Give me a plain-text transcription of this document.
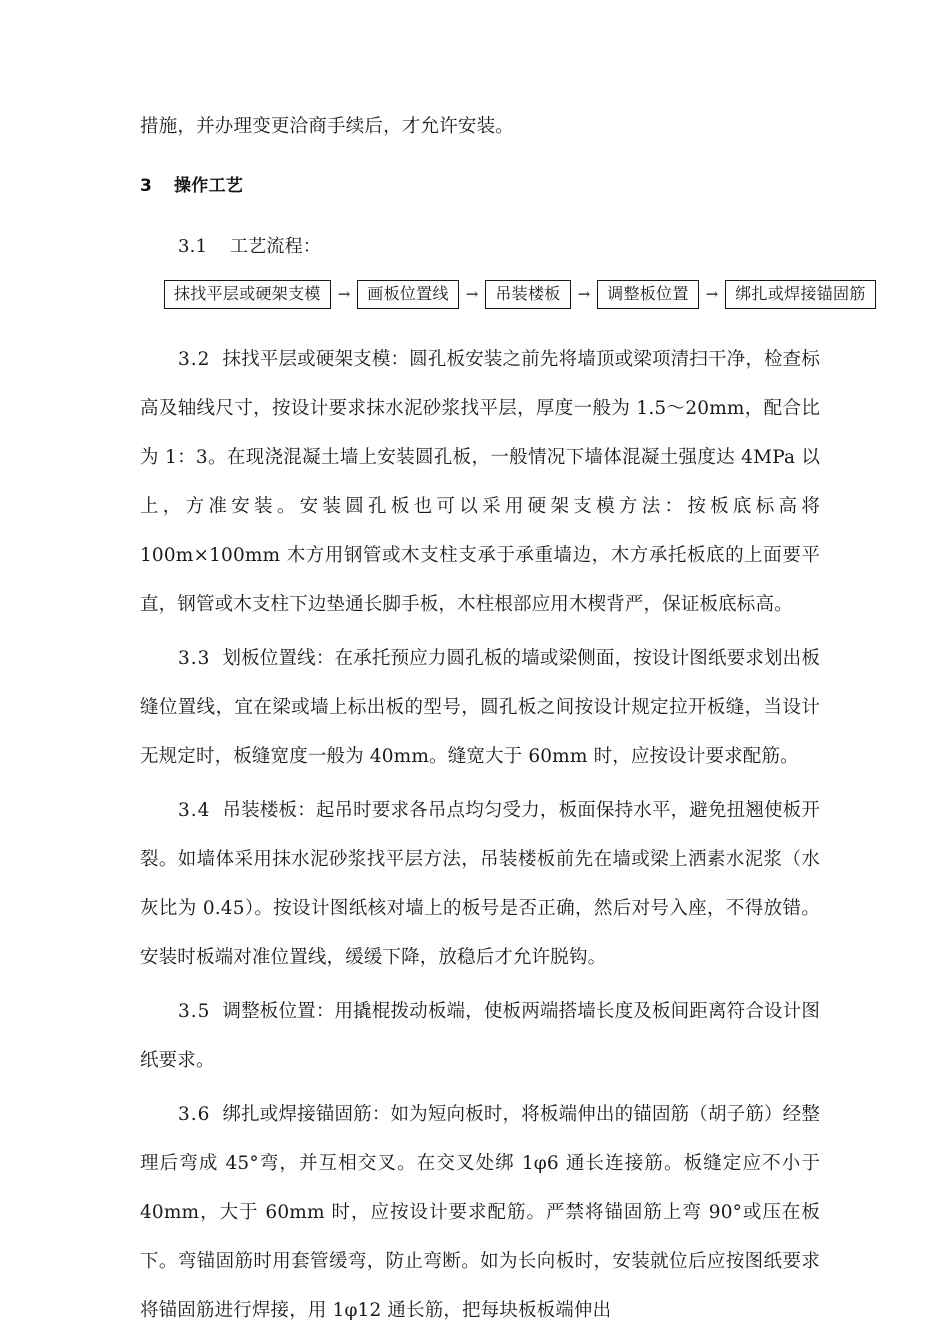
措施，并办理变更洽商手续后，才允许安装。

3 操作工艺
3.1 工艺流程：
抹找平层或硬架支模	→	画板位置线	→	吊装楼板	→	调整板位置	→	绑扎或焊接锚固筋

3.2 抹找平层或硬架支模：圆孔板安装之前先将墙顶或梁项清扫干净，检查标高及轴线尺寸，按设计要求抹水泥砂浆找平层，厚度一般为 1.5～20mm，配合比为 1：3。在现浇混凝土墙上安装圆孔板，一般情况下墙体混凝土强度达 4MPa 以上，方准安装。安装圆孔板也可以采用硬架支模方法：按板底标高将 100m×100mm 木方用钢管或木支柱支承于承重墙边，木方承托板底的上面要平直，钢管或木支柱下边垫通长脚手板，木柱根部应用木楔背严，保证板底标高。

3.3 划板位置线：在承托预应力圆孔板的墙或梁侧面，按设计图纸要求划出板缝位置线，宜在梁或墙上标出板的型号，圆孔板之间按设计规定拉开板缝，当设计无规定时，板缝宽度一般为 40mm。缝宽大于 60mm 时，应按设计要求配筋。

3.4 吊装楼板：起吊时要求各吊点均匀受力，板面保持水平，避免扭翘使板开裂。如墙体采用抹水泥砂浆找平层方法，吊装楼板前先在墙或梁上洒素水泥浆（水灰比为 0.45）。按设计图纸核对墙上的板号是否正确，然后对号入座，不得放错。安装时板端对准位置线，缓缓下降，放稳后才允许脱钩。

3.5 调整板位置：用撬棍拨动板端，使板两端搭墙长度及板间距离符合设计图纸要求。

3.6 绑扎或焊接锚固筋：如为短向板时，将板端伸出的锚固筋（胡子筋）经整理后弯成 45°弯，并互相交叉。在交叉处绑 1φ6 通长连接筋。板缝定应不小于 40mm，大于 60mm 时，应按设计要求配筋。严禁将锚固筋上弯 90°或压在板下。弯锚固筋时用套管缓弯，防止弯断。如为长向板时，安装就位后应按图纸要求将锚固筋进行焊接，用 1φ12 通长筋，把每块板板端伸出
